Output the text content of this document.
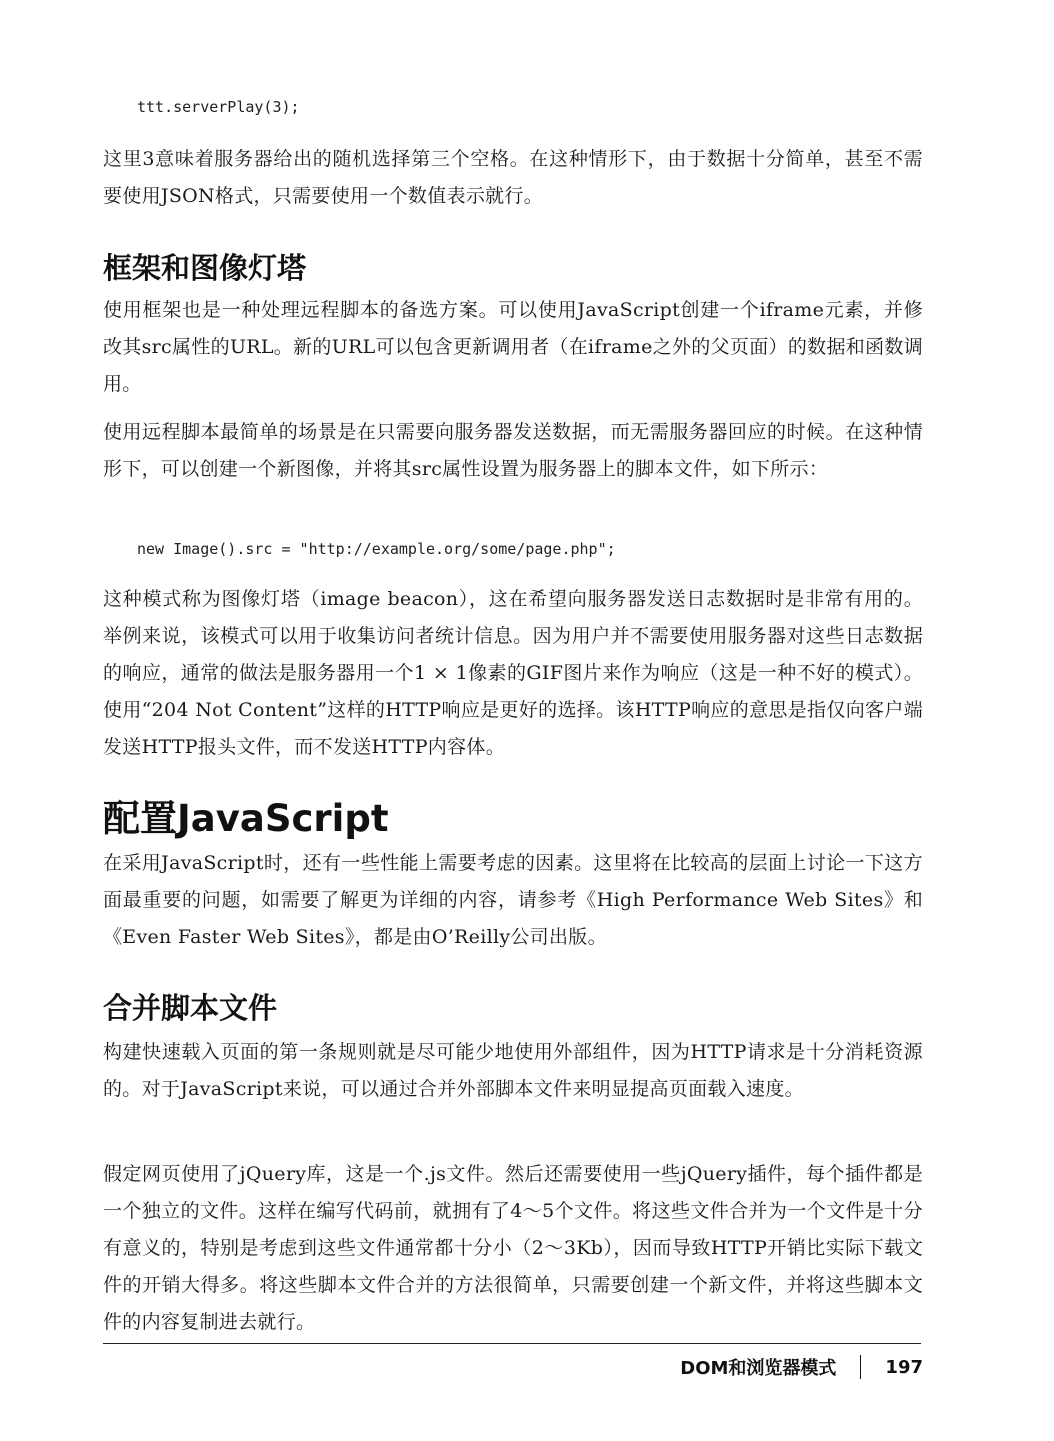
ttt.serverPlay(3);

这里3意味着服务器给出的随机选择第三个空格。在这种情形下，由于数据十分简单，甚至不需要使用JSON格式，只需要使用一个数值表示就行。

框架和图像灯塔

使用框架也是一种处理远程脚本的备选方案。可以使用JavaScript创建一个iframe元素，并修改其src属性的URL。新的URL可以包含更新调用者（在iframe之外的父页面）的数据和函数调用。

使用远程脚本最简单的场景是在只需要向服务器发送数据，而无需服务器回应的时候。在这种情形下，可以创建一个新图像，并将其src属性设置为服务器上的脚本文件，如下所示：

new Image().src = "http://example.org/some/page.php";

这种模式称为图像灯塔（image beacon），这在希望向服务器发送日志数据时是非常有用的。举例来说，该模式可以用于收集访问者统计信息。因为用户并不需要使用服务器对这些日志数据的响应，通常的做法是服务器用一个1 × 1像素的GIF图片来作为响应（这是一种不好的模式）。使用“204 Not Content”这样的HTTP响应是更好的选择。该HTTP响应的意思是指仅向客户端发送HTTP报头文件，而不发送HTTP内容体。

配置JavaScript

在采用JavaScript时，还有一些性能上需要考虑的因素。这里将在比较高的层面上讨论一下这方面最重要的问题，如需要了解更为详细的内容，请参考《High Performance Web Sites》和《Even Faster Web Sites》，都是由O’Reilly公司出版。

合并脚本文件

构建快速载入页面的第一条规则就是尽可能少地使用外部组件，因为HTTP请求是十分消耗资源的。对于JavaScript来说，可以通过合并外部脚本文件来明显提高页面载入速度。

假定网页使用了jQuery库，这是一个.js文件。然后还需要使用一些jQuery插件，每个插件都是一个独立的文件。这样在编写代码前，就拥有了4～5个文件。将这些文件合并为一个文件是十分有意义的，特别是考虑到这些文件通常都十分小（2～3Kb），因而导致HTTP开销比实际下载文件的开销大得多。将这些脚本文件合并的方法很简单，只需要创建一个新文件，并将这些脚本文件的内容复制进去就行。

DOM和浏览器模式	197
